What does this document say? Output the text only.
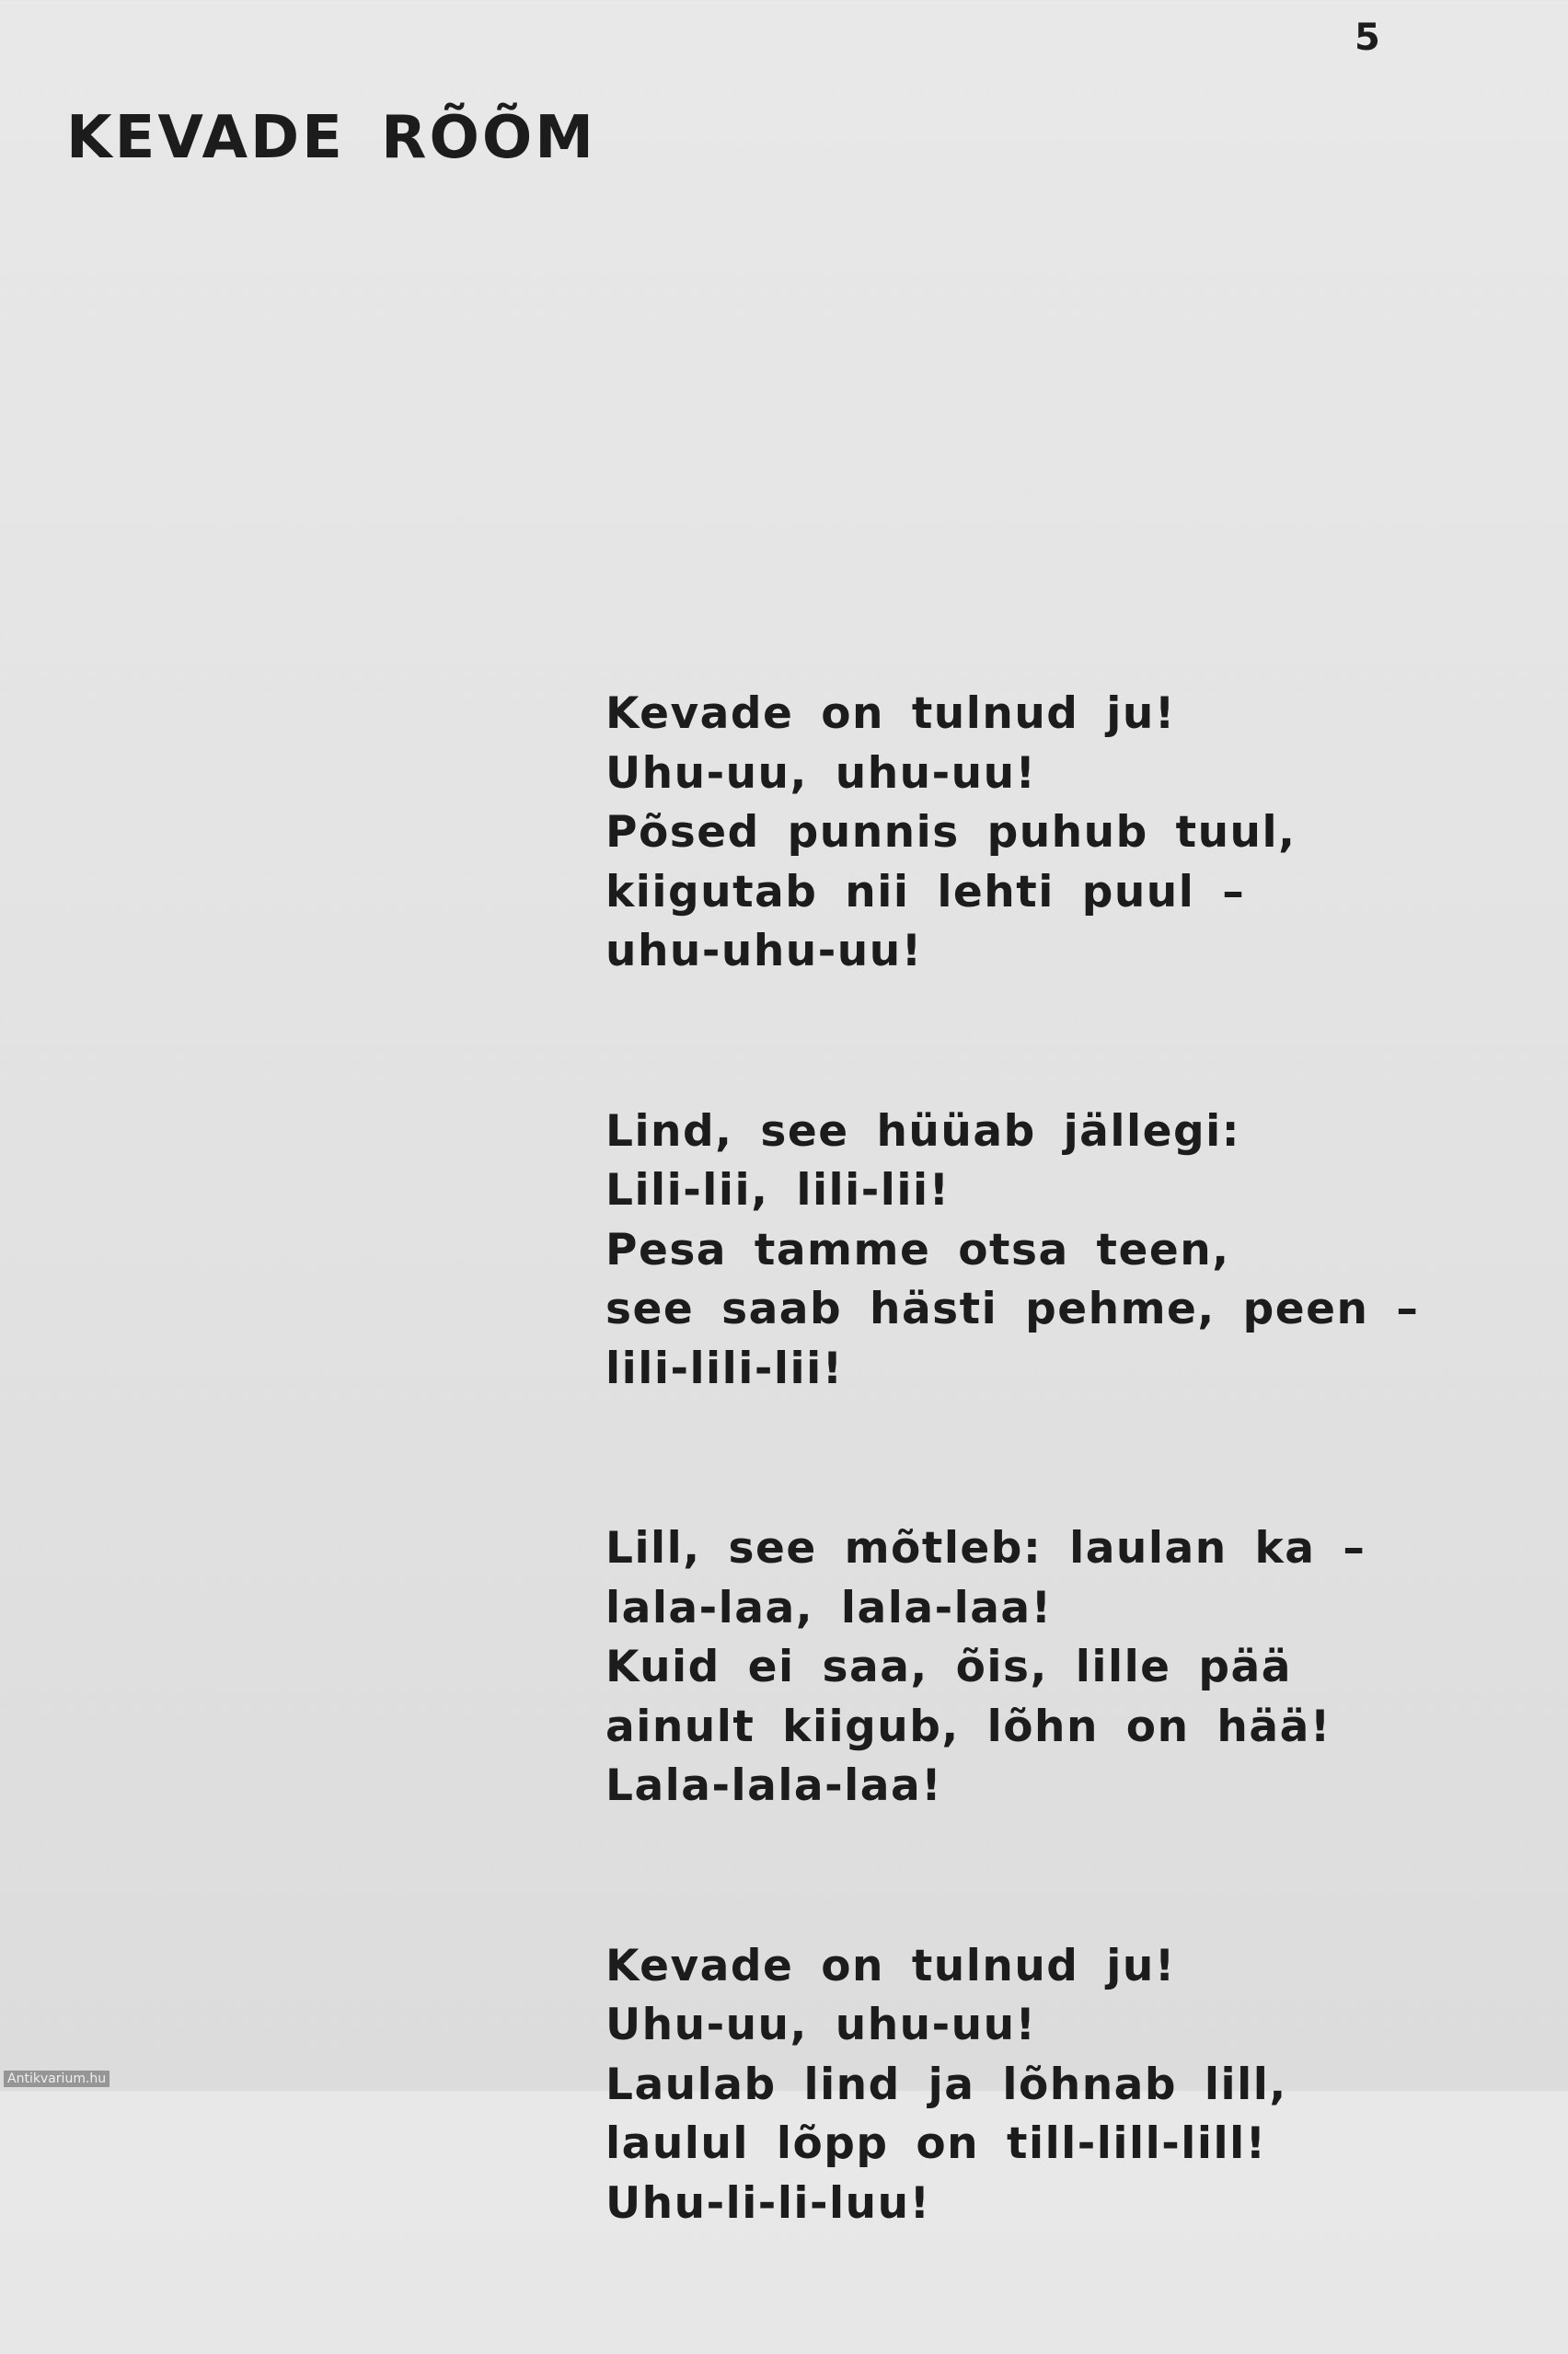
5
KEVADE RÕÕM
Kevade on tulnud ju!
Uhu-uu, uhu-uu!
Põsed punnis puhub tuul,
kiigutab nii lehti puul –
uhu-uhu-uu!
Lind, see hüüab jällegi:
Lili-lii, lili-lii!
Pesa tamme otsa teen,
see saab hästi pehme, peen –
lili-lili-lii!
Lill, see mõtleb: laulan ka –
lala-laa, lala-laa!
Kuid ei saa, õis, lille pää
ainult kiigub, lõhn on hää!
Lala-lala-laa!
Kevade on tulnud ju!
Uhu-uu, uhu-uu!
Laulab lind ja lõhnab lill,
laulul lõpp on till-lill-lill!
Uhu-li-li-luu!
Antikvarium.hu
